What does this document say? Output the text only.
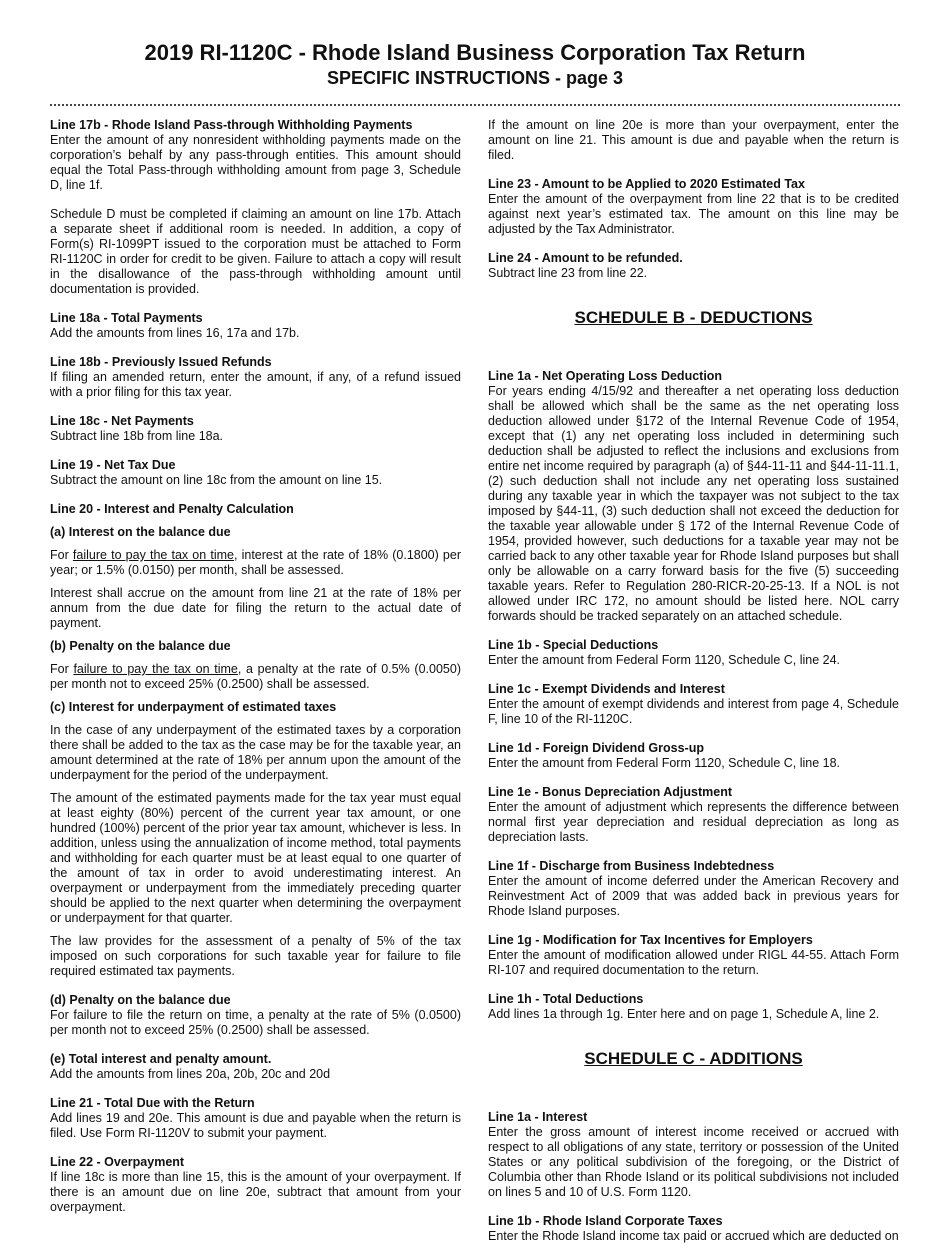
2019 RI-1120C - Rhode Island Business Corporation Tax Return

SPECIFIC INSTRUCTIONS - page 3

Line 17b - Rhode Island Pass-through Withholding Payments

Enter the amount of any nonresident withholding payments made on the corporation’s behalf by any pass-through entities. This amount should equal the Total Pass-through withholding amount from page 3, Schedule D, line 1f.

Schedule D must be completed if claiming an amount on line 17b. Attach a separate sheet if additional room is needed. In addition, a copy of Form(s) RI-1099PT issued to the corporation must be attached to Form RI-1120C in order for credit to be given. Failure to attach a copy will result in the disallowance of the pass-through withholding amount until documentation is provided.

Line 18a - Total Payments

Add the amounts from lines 16, 17a and 17b.

Line 18b - Previously Issued Refunds

If filing an amended return, enter the amount, if any, of a refund issued with a prior filing for this tax year.

Line 18c - Net Payments

Subtract line 18b from line 18a.

Line 19 - Net Tax Due

Subtract the amount on line 18c from the amount on line 15.

Line 20 - Interest and Penalty Calculation

(a) Interest on the balance due

For failure to pay the tax on time, interest at the rate of 18% (0.1800) per year; or 1.5% (0.0150) per month, shall be assessed.

Interest shall accrue on the amount from line 21 at the rate of 18% per annum from the due date for filing the return to the actual date of payment.

(b) Penalty on the balance due

For failure to pay the tax on time, a penalty at the rate of 0.5% (0.0050) per month not to exceed 25% (0.2500) shall be assessed.

(c) Interest for underpayment of estimated taxes

In the case of any underpayment of the estimated taxes by a corporation there shall be added to the tax as the case may be for the taxable year, an amount determined at the rate of 18% per annum upon the amount of the underpayment for the period of the underpayment.

The amount of the estimated payments made for the tax year must equal at least eighty (80%) percent of the current year tax amount, or one hundred (100%) percent of the prior year tax amount, whichever is less. In addition, unless using the annualization of income method, total payments and withholding for each quarter must be at least equal to one quarter of the amount of tax in order to avoid underestimating interest. An overpayment or underpayment from the immediately preceding quarter should be applied to the next quarter when determining the overpayment or underpayment for that quarter.

The law provides for the assessment of a penalty of 5% of the tax imposed on such corporations for such taxable year for failure to file required estimated tax payments.

(d) Penalty on the balance due

For failure to file the return on time, a penalty at the rate of 5% (0.0500) per month not to exceed 25% (0.2500) shall be assessed.

(e) Total interest and penalty amount.

Add the amounts from lines 20a, 20b, 20c and 20d

Line 21 - Total Due with the Return

Add lines 19 and 20e. This amount is due and payable when the return is filed. Use Form RI-1120V to submit your payment.

Line 22 - Overpayment

If line 18c is more than line 15, this is the amount of your overpayment. If there is an amount due on line 20e, subtract that amount from your overpayment.

If the amount on line 20e is more than your overpayment, enter the amount on line 21. This amount is due and payable when the return is filed.

Line 23 - Amount to be Applied to 2020 Estimated Tax

Enter the amount of the overpayment from line 22 that is to be credited against next year’s estimated tax. The amount on this line may be adjusted by the Tax Administrator.

Line 24 - Amount to be refunded.

Subtract line 23 from line 22.

SCHEDULE B - DEDUCTIONS

Line 1a - Net Operating Loss Deduction

For years ending 4/15/92 and thereafter a net operating loss deduction shall be allowed which shall be the same as the net operating loss deduction allowed under §172 of the Internal Revenue Code of 1954, except that (1) any net operating loss included in determining such deduction shall be adjusted to reflect the inclusions and exclusions from entire net income required by paragraph (a) of §44-11-11 and §44-11-11.1, (2) such deduction shall not include any net operating loss sustained during any taxable year in which the taxpayer was not subject to the tax imposed by §44-11, (3) such deduction shall not exceed the deduction for the taxable year allowable under § 172 of the Internal Revenue Code of 1954, provided however, such deductions for a taxable year may not be carried back to any other taxable year for Rhode Island purposes but shall only be allowable on a carry forward basis for the five (5) succeeding taxable years. Refer to Regulation 280-RICR-20-25-13. If a NOL is not allowed under IRC 172, no amount should be listed here. NOL carry forwards should be tracked separately on an attached schedule.

Line 1b - Special Deductions

Enter the amount from Federal Form 1120, Schedule C, line 24.

Line 1c - Exempt Dividends and Interest

Enter the amount of exempt dividends and interest from page 4, Schedule F, line 10 of the RI-1120C.

Line 1d - Foreign Dividend Gross-up

Enter the amount from Federal Form 1120, Schedule C, line 18.

Line 1e - Bonus Depreciation Adjustment

Enter the amount of adjustment which represents the difference between normal first year depreciation and residual depreciation as long as depreciation lasts.

Line 1f - Discharge from Business Indebtedness

Enter the amount of income deferred under the American Recovery and Reinvestment Act of 2009 that was added back in previous years for Rhode Island purposes.

Line 1g - Modification for Tax Incentives for Employers

Enter the amount of modification allowed under RIGL 44-55. Attach Form RI-107 and required documentation to the return.

Line 1h - Total Deductions

Add lines 1a through 1g. Enter here and on page 1, Schedule A, line 2.

SCHEDULE C - ADDITIONS

Line 1a - Interest

Enter the gross amount of interest income received or accrued with respect to all obligations of any state, territory or possession of the United States or any political subdivision of the foregoing, or the District of Columbia other than Rhode Island or its political subdivisions not included on lines 5 and 10 of U.S. Form 1120.

Line 1b - Rhode Island Corporate Taxes

Enter the Rhode Island income tax paid or accrued which are deducted on
